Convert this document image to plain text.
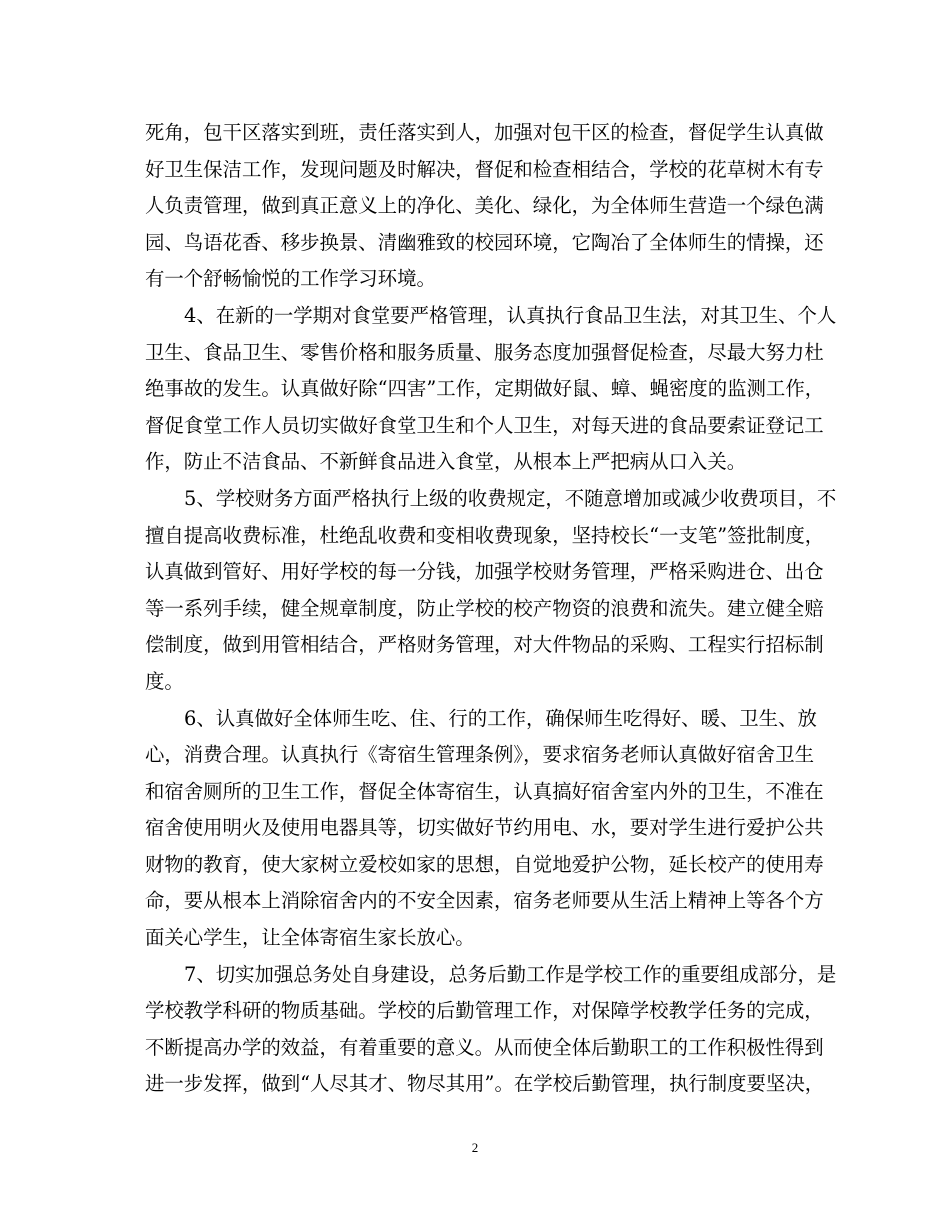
死角，包干区落实到班，责任落实到人，加强对包干区的检查，督促学生认真做
好卫生保洁工作，发现问题及时解决，督促和检查相结合，学校的花草树木有专
人负责管理，做到真正意义上的净化、美化、绿化，为全体师生营造一个绿色满
园、鸟语花香、移步换景、清幽雅致的校园环境，它陶冶了全体师生的情操，还
有一个舒畅愉悦的工作学习环境。
4、在新的一学期对食堂要严格管理，认真执行食品卫生法，对其卫生、个人
卫生、食品卫生、零售价格和服务质量、服务态度加强督促检查，尽最大努力杜
绝事故的发生。认真做好除“四害”工作，定期做好鼠、蟑、蝇密度的监测工作，
督促食堂工作人员切实做好食堂卫生和个人卫生，对每天进的食品要索证登记工
作，防止不洁食品、不新鲜食品进入食堂，从根本上严把病从口入关。
5、学校财务方面严格执行上级的收费规定，不随意增加或减少收费项目，不
擅自提高收费标准，杜绝乱收费和变相收费现象，坚持校长“一支笔”签批制度，
认真做到管好、用好学校的每一分钱，加强学校财务管理，严格采购进仓、出仓
等一系列手续，健全规章制度，防止学校的校产物资的浪费和流失。建立健全赔
偿制度，做到用管相结合，严格财务管理，对大件物品的采购、工程实行招标制
度。
6、认真做好全体师生吃、住、行的工作，确保师生吃得好、暖、卫生、放
心，消费合理。认真执行《寄宿生管理条例》，要求宿务老师认真做好宿舍卫生
和宿舍厕所的卫生工作，督促全体寄宿生，认真搞好宿舍室内外的卫生，不准在
宿舍使用明火及使用电器具等，切实做好节约用电、水，要对学生进行爱护公共
财物的教育，使大家树立爱校如家的思想，自觉地爱护公物，延长校产的使用寿
命，要从根本上消除宿舍内的不安全因素，宿务老师要从生活上精神上等各个方
面关心学生，让全体寄宿生家长放心。
7、切实加强总务处自身建设，总务后勤工作是学校工作的重要组成部分，是
学校教学科研的物质基础。学校的后勤管理工作，对保障学校教学任务的完成，
不断提高办学的效益，有着重要的意义。从而使全体后勤职工的工作积极性得到
进一步发挥，做到“人尽其才、物尽其用”。在学校后勤管理，执行制度要坚决，
2
